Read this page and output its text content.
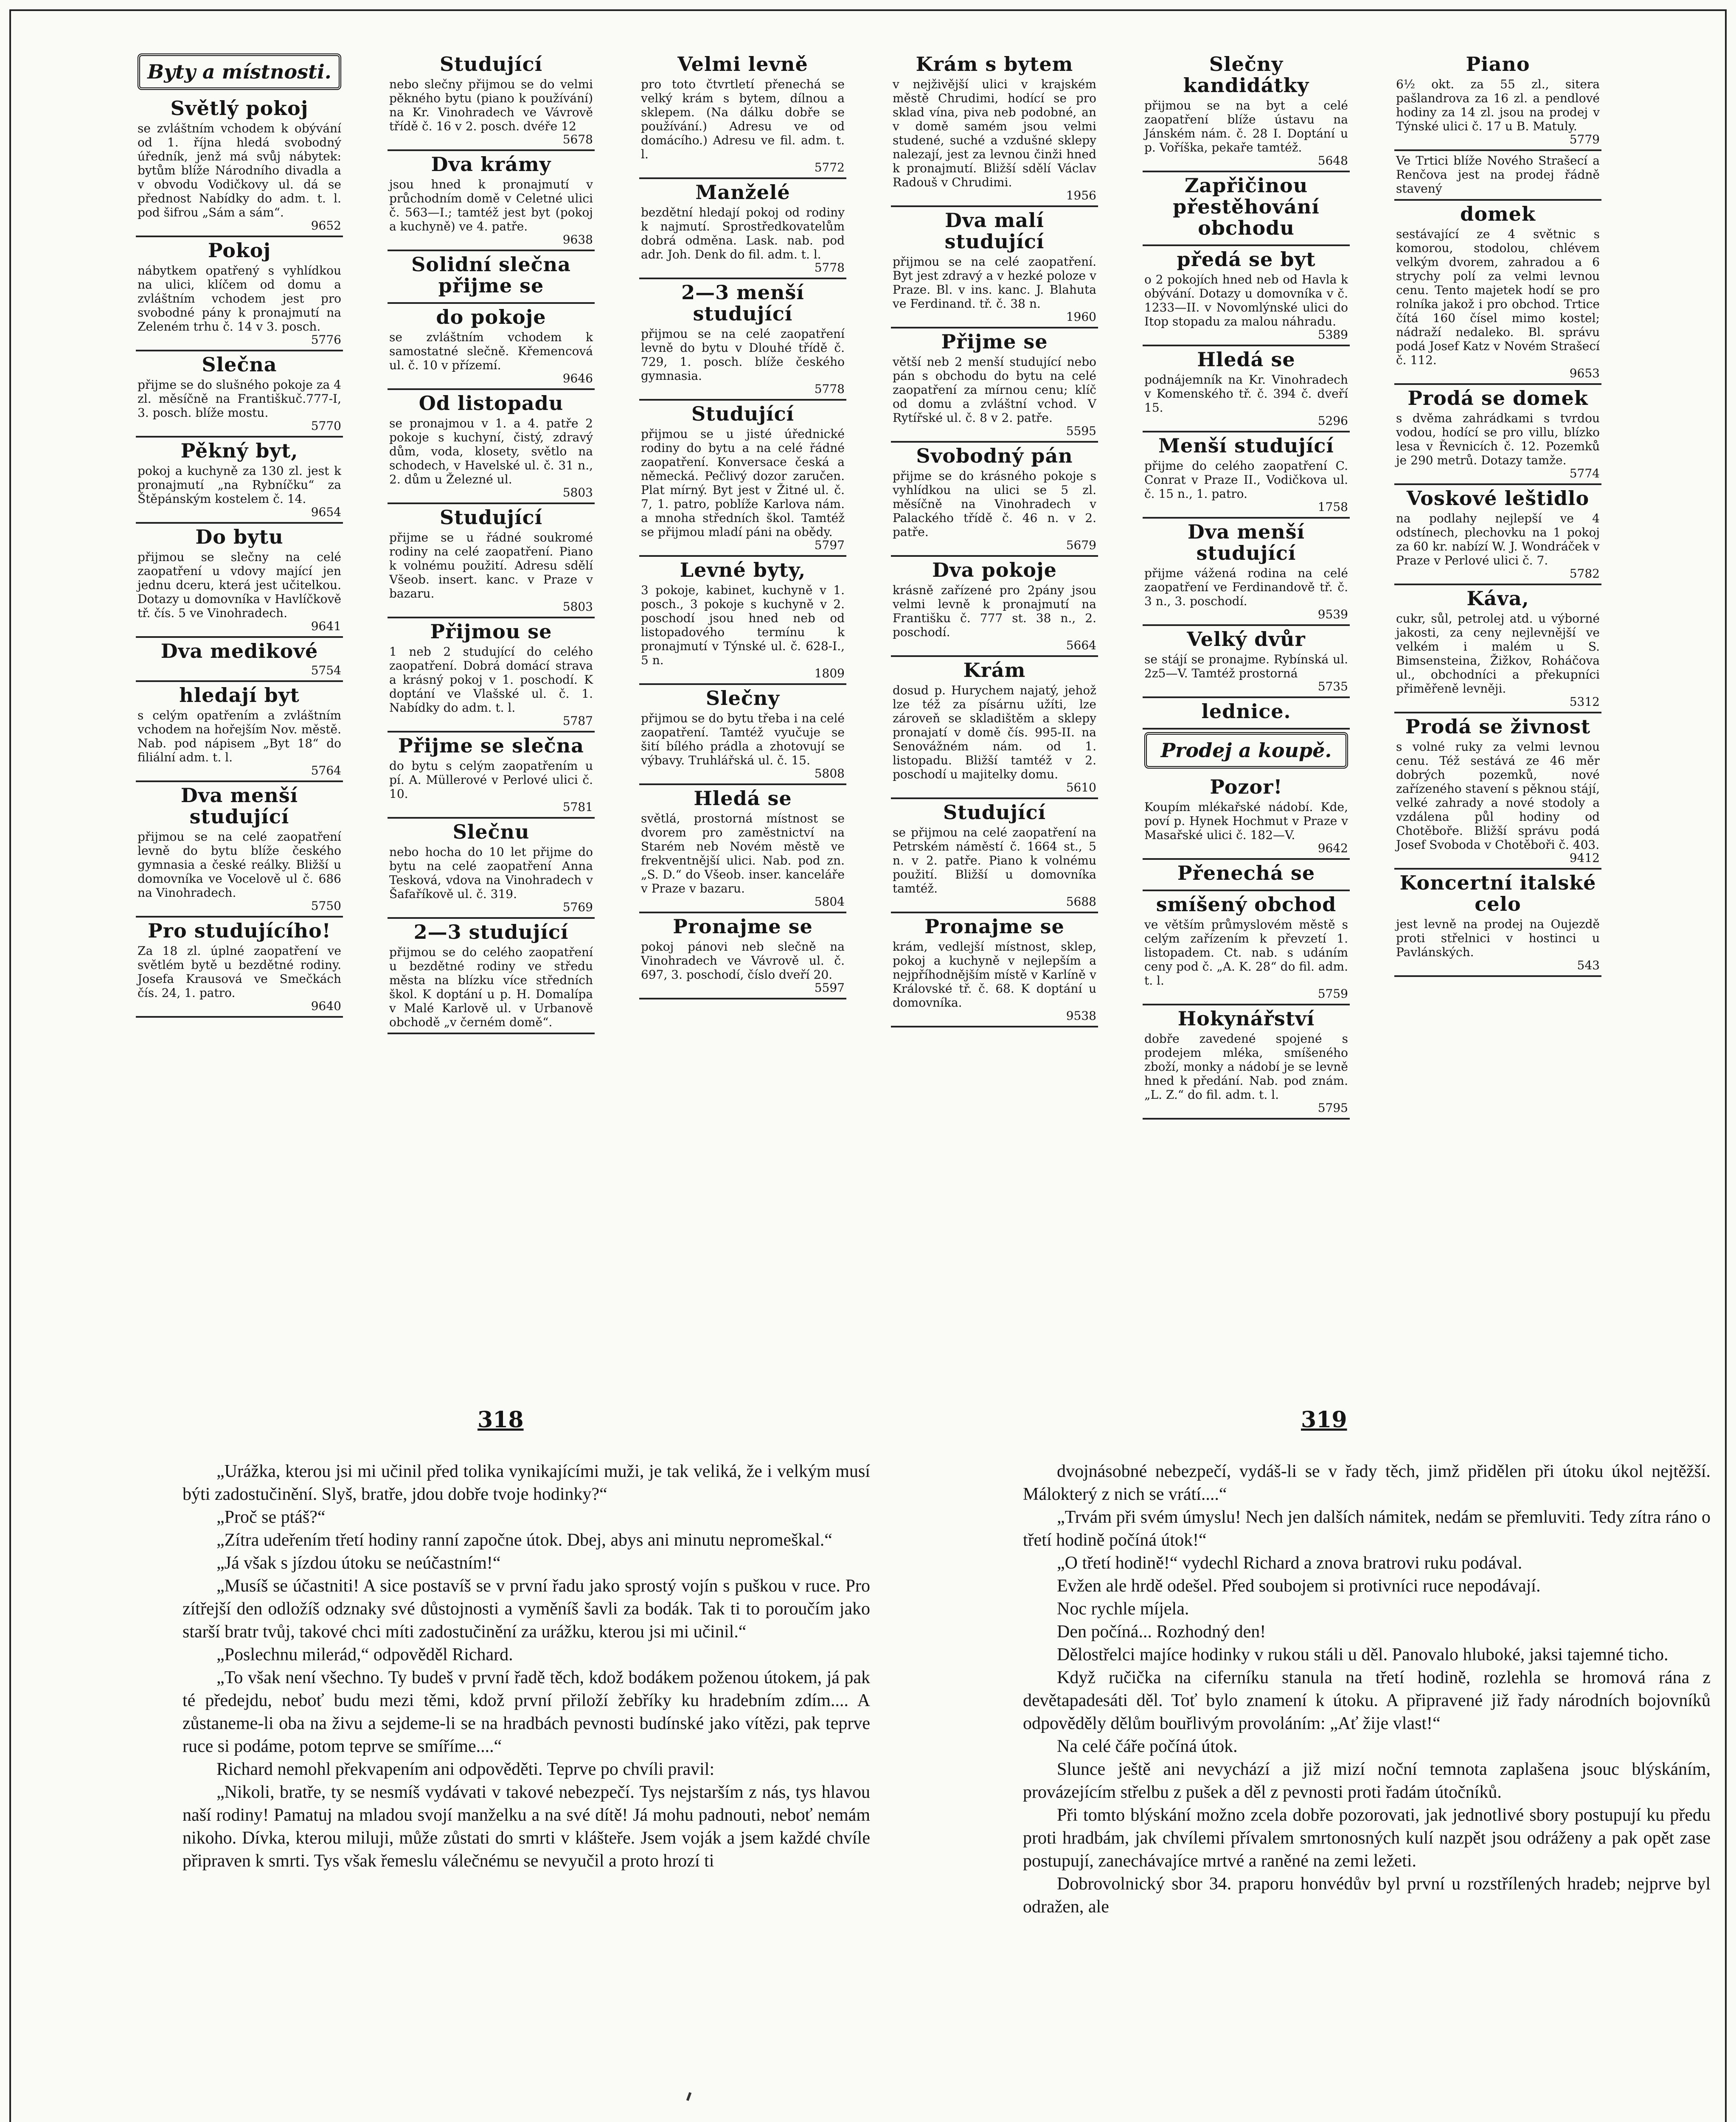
Byty a místnosti.
Světlý pokoj

se zvláštním vchodem k obývání od 1. října hledá svobodný úředník, jenž má svůj nábytek: bytům blíže Národního divadla a v obvodu Vodičkovy ul. dá se přednost Nabídky do adm. t. l. pod šifrou „Sám a sám“.

9652
Pokoj

nábytkem opatřený s vyhlídkou na ulici, klíčem od domu a zvláštním vchodem jest pro svobodné pány k pronajmutí na Zeleném trhu č. 14 v 3. posch.

5776
Slečna

přijme se do slušného pokoje za 4 zl. měsíčně na Františkuč.777-I, 3. posch. blíže mostu.

5770
Pěkný byt,

pokoj a kuchyně za 130 zl. jest k pronajmutí „na Rybníčku“ za Štěpánským kostelem č. 14.

9654
Do bytu

přijmou se slečny na celé zaopatření u vdovy mající jen jednu dceru, která jest učitelkou. Dotazy u domovníka v Havlíčkově tř. čís. 5 ve Vinohradech.

9641
Dva medikové
5754
hledají byt

s celým opatřením a zvláštním vchodem na hořejším Nov. městě. Nab. pod nápisem „Byt 18“ do filiální adm. t. l.

5764
Dva menší studující

přijmou se na celé zaopatření levně do bytu blíže českého gymnasia a české reálky. Bližší u domovníka ve Vocelově ul č. 686 na Vinohradech.

5750
Pro studujícího!

Za 18 zl. úplné zaopatření ve světlém bytě u bezdětné rodiny. Josefa Krausová ve Smečkách čís. 24, 1. patro.

9640
Studující

nebo slečny přijmou se do velmi pěkného bytu (piano k používání) na Kr. Vinohradech ve Vávrově třídě č. 16 v 2. posch. dvéře 12

5678
Dva krámy

jsou hned k pronajmutí v průchodním domě v Celetné ulici č. 563—I.; tamtéž jest byt (pokoj a kuchyně) ve 4. patře.

9638
Solidní slečna přijme se
do pokoje

se zvláštním vchodem k samostatné slečně. Křemencová ul. č. 10 v přízemí.

9646
Od listopadu

se pronajmou v 1. a 4. patře 2 pokoje s kuchyní, čistý, zdravý dům, voda, klosety, světlo na schodech, v Havelské ul. č. 31 n., 2. dům u Železné ul.

5803
Studující

přijme se u řádné soukromé rodiny na celé zaopatření. Piano k volnému použití. Adresu sdělí Všeob. insert. kanc. v Praze v bazaru.

5803
Přijmou se

1 neb 2 studující do celého zaopatření. Dobrá domácí strava a krásný pokoj v 1. poschodí. K doptání ve Vlašské ul. č. 1. Nabídky do adm. t. l.

5787
Přijme se slečna

do bytu s celým zaopatřením u pí. A. Müllerové v Perlové ulici č. 10.

5781
Slečnu

nebo hocha do 10 let přijme do bytu na celé zaopatření Anna Tesková, vdova na Vinohradech v Šafaříkově ul. č. 319.

5769
2—3 studující

přijmou se do celého zaopatření u bezdětné rodiny ve středu města na blízku více středních škol. K doptání u p. H. Domalípa v Malé Karlově ul. v Urbanově obchodě „v černém domě“.

Velmi levně

pro toto čtvrtletí přenechá se velký krám s bytem, dílnou a sklepem. (Na dálku dobře se používání.) Adresu ve od domácího.) Adresu ve fil. adm. t. l.

5772
Manželé

bezdětní hledají pokoj od rodiny k najmutí. Sprostředkovatelům dobrá odměna. Lask. nab. pod adr. Joh. Denk do fil. adm. t. l.

5778
2—3 menší studující

přijmou se na celé zaopatření levně do bytu v Dlouhé třídě č. 729, 1. posch. blíže českého gymnasia.

5778
Studující

přijmou se u jisté úřednické rodiny do bytu a na celé řádné zaopatření. Konversace česká a německá. Pečlivý dozor zaručen. Plat mírný. Byt jest v Žitné ul. č. 7, 1. patro, poblíže Karlova nám. a mnoha středních škol. Tamtéž se přijmou mladí páni na obědy.

5797
Levné byty,

3 pokoje, kabinet, kuchyně v 1. posch., 3 pokoje s kuchyně v 2. poschodí jsou hned neb od listopadového termínu k pronajmutí v Týnské ul. č. 628-I., 5 n.

1809
Slečny

přijmou se do bytu třeba i na celé zaopatření. Tamtéž vyučuje se šití bílého prádla a zhotovují se výbavy. Truhlářská ul. č. 15.

5808
Hledá se

světlá, prostorná místnost se dvorem pro zaměstnictví na Starém neb Novém městě ve frekventnější ulici. Nab. pod zn. „S. D.“ do Všeob. inser. kanceláře v Praze v bazaru.

5804
Pronajme se

pokoj pánovi neb slečně na Vinohradech ve Vávrově ul. č. 697, 3. poschodí, číslo dveří 20.

5597
Krám s bytem

v nejživější ulici v krajském městě Chrudimi, hodící se pro sklad vína, piva neb podobné, an v domě samém jsou velmi studené, suché a vzdušné sklepy nalezají, jest za levnou činži hned k pronajmutí. Bližší sdělí Václav Radouš v Chrudimi.

1956
Dva malí studující

přijmou se na celé zaopatření. Byt jest zdravý a v hezké poloze v Praze. Bl. v ins. kanc. J. Blahuta ve Ferdinand. tř. č. 38 n.

1960
Přijme se

větší neb 2 menší studující nebo pán s obchodu do bytu na celé zaopatření za mírnou cenu; klíč od domu a zvláštní vchod. V Rytířské ul. č. 8 v 2. patře.

5595
Svobodný pán

přijme se do krásného pokoje s vyhlídkou na ulici se 5 zl. měsíčně na Vinohradech v Palackého třídě č. 46 n. v 2. patře.

5679
Dva pokoje

krásně zařízené pro 2pány jsou velmi levně k pronajmutí na Františku č. 777 st. 38 n., 2. poschodí.

5664
Krám

dosud p. Hurychem najatý, jehož lze též za písárnu užíti, lze zároveň se skladištěm a sklepy pronajatí v domě čís. 995-II. na Senovážném nám. od 1. listopadu. Bližší tamtéž v 2. poschodí u majitelky domu.

5610
Studující

se přijmou na celé zaopatření na Petrském náměstí č. 1664 st., 5 n. v 2. patře. Piano k volnému použití. Bližší u domovníka tamtéž.

5688
Pronajme se

krám, vedlejší místnost, sklep, pokoj a kuchyně v nejlepším a nejpříhodnějším místě v Karlíně v Královské tř. č. 68. K doptání u domovníka.

9538
Slečny kandidátky

přijmou se na byt a celé zaopatření blíže ústavu na Jánském nám. č. 28 I. Doptání u p. Voříška, pekaře tamtéž.

5648
Zapřičinou přestěhování obchodu
předá se byt

o 2 pokojích hned neb od Havla k obývání. Dotazy u domovníka v č. 1233—II. v Novomlýnské ulici do Itop stopadu za malou náhradu.

5389
Hledá se

podnájemník na Kr. Vinohradech v Komenského tř. č. 394 č. dveří 15.

5296
Menší studující

přijme do celého zaopatření C. Conrat v Praze II., Vodičkova ul. č. 15 n., 1. patro.

1758
Dva menší studující

přijme vážená rodina na celé zaopatření ve Ferdinandově tř. č. 3 n., 3. poschodí.

9539
Velký dvůr

se stájí se pronajme. Rybínská ul. 2z5—V. Tamtéž prostorná

5735
lednice.
Prodej a koupě.
Pozor!

Koupím mlékařské nádobí. Kde, poví p. Hynek Hochmut v Praze v Masařské ulici č. 182—V.

9642
Přenechá se
smíšený obchod

ve větším průmyslovém městě s celým zařízením k převzetí 1. listopadem. Ct. nab. s udáním ceny pod č. „A. K. 28“ do fil. adm. t. l.

5759
Hokynářství

dobře zavedené spojené s prodejem mléka, smíšeného zboží, monky a nádobí je se levně hned k předání. Nab. pod znám. „L. Z.“ do fil. adm. t. l.

5795
Piano

6½ okt. za 55 zl., sitera pašlandrova za 16 zl. a pendlové hodiny za 14 zl. jsou na prodej v Týnské ulici č. 17 u B. Matuly.

5779

Ve Trtici blíže Nového Strašecí a Renčova jest na prodej řádně stavený

domek

sestávající ze 4 světnic s komorou, stodolou, chlévem velkým dvorem, zahradou a 6 strychy polí za velmi levnou cenu. Tento majetek hodí se pro rolníka jakož i pro obchod. Trtice čítá 160 čísel mimo kostel; nádraží nedaleko. Bl. správu podá Josef Katz v Novém Strašecí č. 112.

9653
Prodá se domek

s dvěma zahrádkami s tvrdou vodou, hodící se pro villu, blízko lesa v Řevnicích č. 12. Pozemků je 290 metrů. Dotazy tamže.

5774
Voskové leštidlo

na podlahy nejlepší ve 4 odstínech, plechovku na 1 pokoj za 60 kr. nabízí W. J. Wondráček v Praze v Perlové ulici č. 7.

5782
Káva,

cukr, sůl, petrolej atd. u výborné jakosti, za ceny nejlevnější ve velkém i malém u S. Bimsensteina, Žižkov, Roháčova ul., obchodníci a překupníci přiměřeně levněji.

5312
Prodá se živnost

s volné ruky za velmi levnou cenu. Též sestává ze 46 měr dobrých pozemků, nové zařízeného stavení s pěknou stájí, velké zahrady a nové stodoly a vzdálena půl hodiny od Chotěboře. Bližší správu podá Josef Svoboda v Chotěboři č. 403.

9412
Koncertní italské celo

jest levně na prodej na Oujezdě proti střelnici v hostinci u Pavlánských.

543
318	319

„Urážka, kterou jsi mi učinil před tolika vynikajícími muži, je tak veliká, že i velkým musí býti zadostučinění. Slyš, bratře, jdou dobře tvoje hodinky?“

„Proč se ptáš?“

„Zítra udeřením třetí hodiny ranní započne útok. Dbej, abys ani minutu nepromeškal.“

„Já však s jízdou útoku se neúčastním!“

„Musíš se účastniti! A sice postavíš se v první řadu jako sprostý vojín s puškou v ruce. Pro zítřejší den odložíš odznaky své důstojnosti a vyměníš šavli za bodák. Tak ti to poroučím jako starší bratr tvůj, takové chci míti zadostučinění za urážku, kterou jsi mi učinil.“

„Poslechnu milerád,“ odpověděl Richard.

„To však není všechno. Ty budeš v první řadě těch, kdož bodákem poženou útokem, já pak té předejdu, neboť budu mezi těmi, kdož první přiloží žebříky ku hradebním zdím.... A zůstaneme-li oba na živu a sejdeme-li se na hradbách pevnosti budínské jako vítězi, pak teprve ruce si podáme, potom teprve se smíříme....“

Richard nemohl překvapením ani odpověděti. Teprve po chvíli pravil:

„Nikoli, bratře, ty se nesmíš vydávati v takové nebezpečí. Tys nejstarším z nás, tys hlavou naší rodiny! Pamatuj na mladou svojí manželku a na své dítě! Já mohu padnouti, neboť nemám nikoho. Dívka, kterou miluji, může zůstati do smrti v klášteře. Jsem voják a jsem každé chvíle připraven k smrti. Tys však řemeslu válečnému se nevyučil a proto hrozí ti

dvojnásobné nebezpečí, vydáš-li se v řady těch, jimž přidělen při útoku úkol nejtěžší. Málokterý z nich se vrátí....“

„Trvám při svém úmyslu! Nech jen dalších námitek, nedám se přemluviti. Tedy zítra ráno o třetí hodině počíná útok!“

„O třetí hodině!“ vydechl Richard a znova bratrovi ruku podával.

Evžen ale hrdě odešel. Před soubojem si protivníci ruce nepodávají.

Noc rychle míjela.

Den počíná... Rozhodný den!

Dělostřelci majíce hodinky v rukou stáli u děl. Panovalo hluboké, jaksi tajemné ticho.

Když ručička na ciferníku stanula na třetí hodině, rozlehla se hromová rána z devětapadesáti děl. Toť bylo znamení k útoku. A připravené již řady národních bojovníků odpověděly dělům bouřlivým provoláním: „Ať žije vlast!“

Na celé čáře počíná útok.

Slunce ještě ani nevychází a již mizí noční temnota zaplašena jsouc blýskáním, provázejícím střelbu z pušek a děl z pevnosti proti řadám útočníků.

Při tomto blýskání možno zcela dobře pozorovati, jak jednotlivé sbory postupují ku předu proti hradbám, jak chvílemi přívalem smrtonosných kulí nazpět jsou odráženy a pak opět zase postupují, zanechávajíce mrtvé a raněné na zemi ležeti.

Dobrovolnický sbor 34. praporu honvédův byl první u rozstřílených hradeb; nejprve byl odražen, ale
